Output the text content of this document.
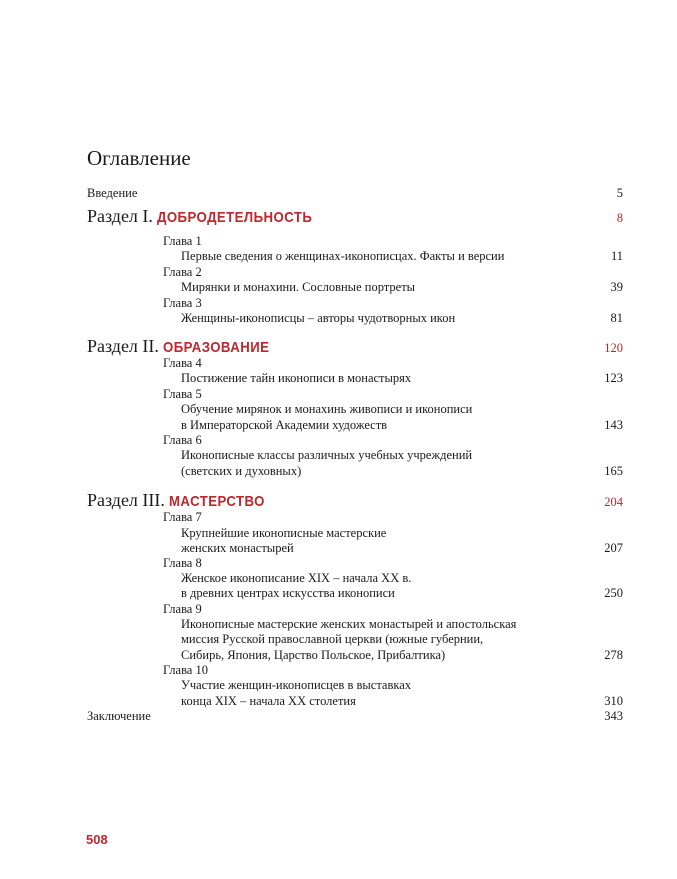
Оглавление
Введение	5
Раздел I. ДОБРОДЕТЕЛЬНОСТЬ	8
Глава 1
Первые сведения о женщинах-иконописцах. Факты и версии	11
Глава 2
Мирянки и монахини. Сословные портреты	39
Глава 3
Женщины-иконописцы – авторы чудотворных икон	81
Раздел II. ОБРАЗОВАНИЕ	120
Глава 4
Постижение тайн иконописи в монастырях	123
Глава 5
Обучение мирянок и монахинь живописи и иконописи
в Императорской Академии художеств	143
Глава 6
Иконописные классы различных учебных учреждений
(светских и духовных)	165
Раздел III. МАСТЕРСТВО	204
Глава 7
Крупнейшие иконописные мастерские
женских монастырей	207
Глава 8
Женское иконописание XIX – начала XX в.
в древних центрах искусства иконописи	250
Глава 9
Иконописные мастерские женских монастырей и апостольская
миссия Русской православной церкви (южные губернии,
Сибирь, Япония, Царство Польское, Прибалтика)	278
Глава 10
Участие женщин-иконописцев в выставках
конца XIX – начала XX столетия	310
Заключение	343
508
